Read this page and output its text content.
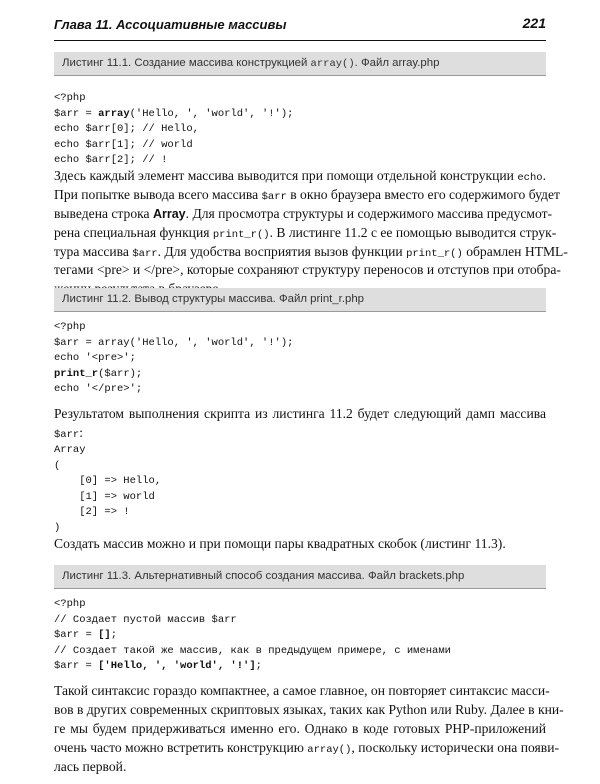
Глава 11. Ассоциативные массивы	221
Листинг 11.1. Создание массива конструкцией array(). Файл array.php
<?php
$arr = array('Hello, ', 'world', '!');
echo $arr[0]; // Hello,
echo $arr[1]; // world
echo $arr[2]; // !
Здесь каждый элемент массива выводится при помощи отдельной конструкции echo.
При попытке вывода всего массива $arr в окно браузера вместо его содержимого будет
выведена строка Array. Для просмотра структуры и содержимого массива предусмот-
рена специальная функция print_r(). В листинге 11.2 с ее помощью выводится струк-
тура массива $arr. Для удобства восприятия вызов функции print_r() обрамлен HTML-
тегами <pre> и </pre>, которые сохраняют структуру переносов и отступов при отобра-
Листинг 11.2. Вывод структуры массива. Файл print_r.php
<?php
$arr = array('Hello, ', 'world', '!');
echo '<pre>';
print_r($arr);
echo '</pre>';
Результатом выполнения скрипта из листинга 11.2 будет следующий дамп массива
$arr:
Array
(
[0] => Hello,
[1] => world
[2] => !
)
Создать массив можно и при помощи пары квадратных скобок (листинг 11.3).
Листинг 11.3. Альтернативный способ создания массива. Файл brackets.php
<?php
// Создает пустой массив $arr
$arr = [];
// Создает такой же массив, как в предыдущем примере, с именами
$arr = ['Hello, ', 'world', '!'];
Такой синтаксис гораздо компактнее, а самое главное, он повторяет синтаксис масси-
вов в других современных скриптовых языках, таких как Python или Ruby. Далее в кни-
ге мы будем придерживаться именно его. Однако в коде готовых PHP-приложений
очень часто можно встретить конструкцию array(), поскольку исторически она появи-
лась первой.
